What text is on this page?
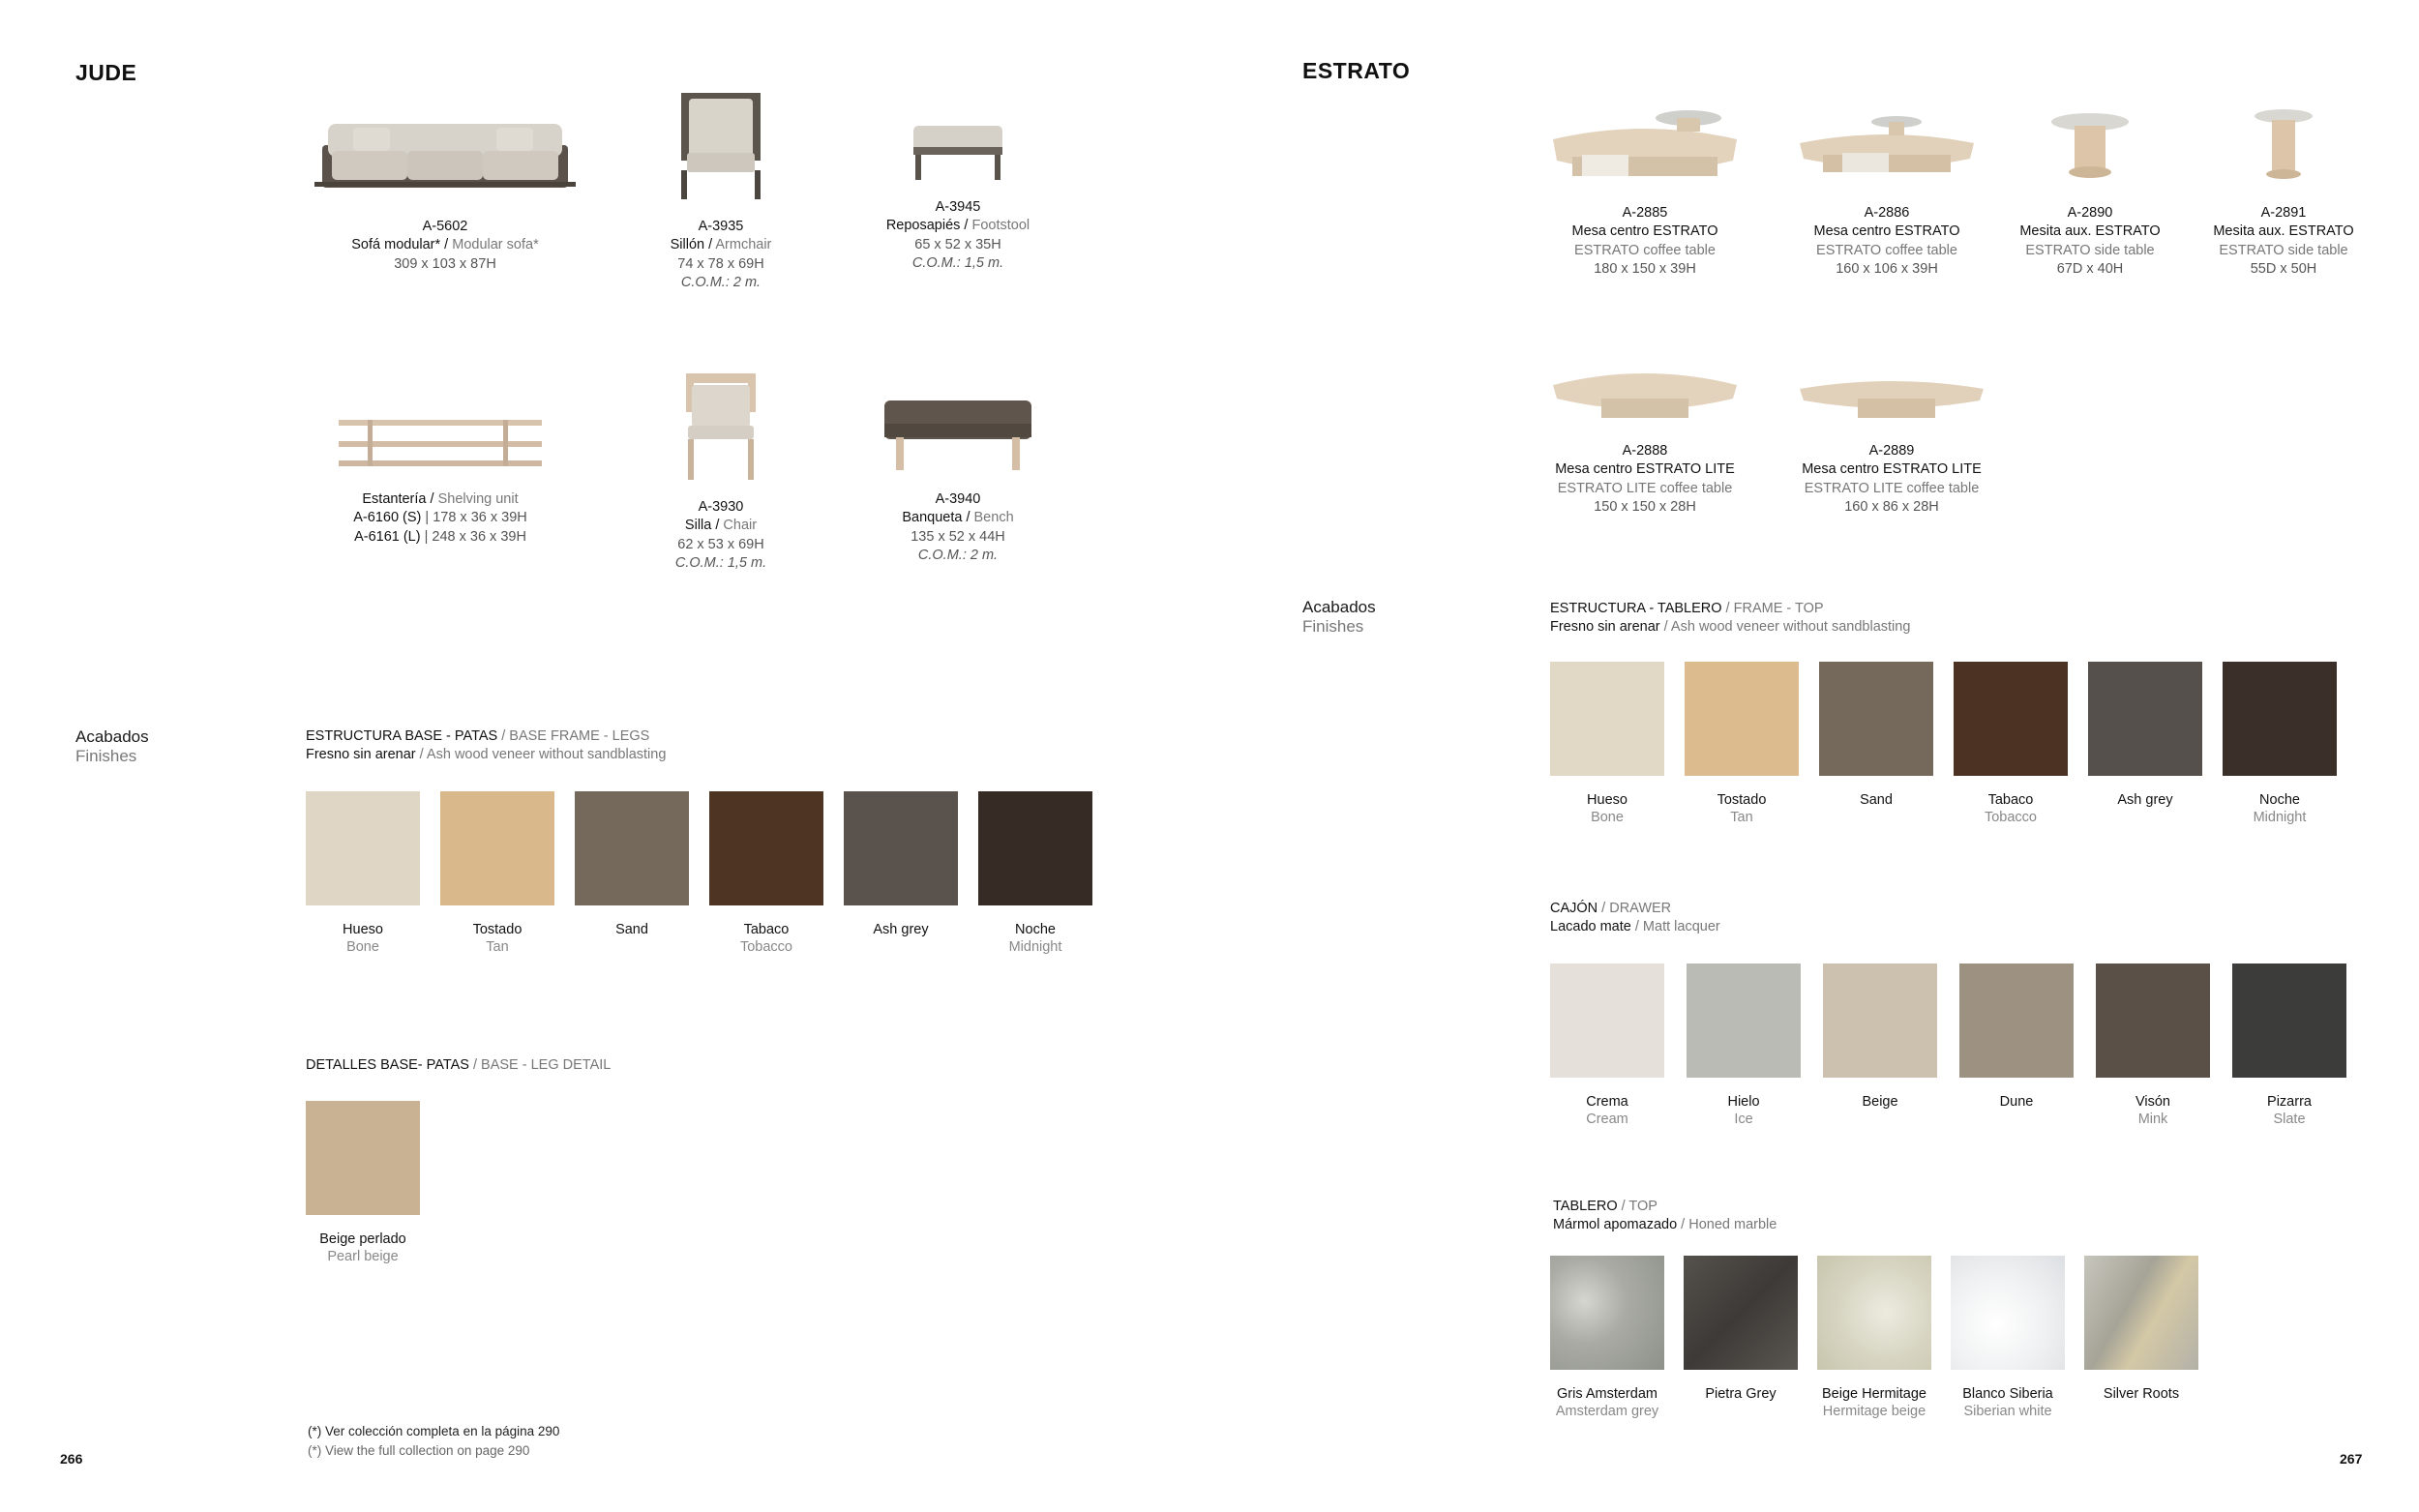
JUDE
A-5602
Sofá modular* / Modular sofa*
309 x 103 x 87H
A-3935
Sillón / Armchair
74 x 78 x 69H
C.O.M.: 2 m.
A-3945
Reposapiés / Footstool
65 x 52 x 35H
C.O.M.: 1,5 m.
Estantería / Shelving unit
A-6160 (S) | 178 x 36 x 39H
A-6161 (L) | 248 x 36 x 39H
A-3930
Silla / Chair
62 x 53 x 69H
C.O.M.: 1,5 m.
A-3940
Banqueta / Bench
135 x 52 x 44H
C.O.M.: 2 m.
Acabados
Finishes
ESTRUCTURA BASE - PATAS / BASE FRAME - LEGS
Fresno sin arenar / Ash wood veneer without sandblasting
Hueso
Bone
Tostado
Tan
Sand	Tabaco
Tobacco
Ash grey	Noche
Midnight
DETALLES BASE- PATAS / BASE - LEG DETAIL
Beige perlado
Pearl beige
(*) Ver colección completa en la página 290
(*) View the full collection on page 290
266
ESTRATO
A-2885
Mesa centro ESTRATO
ESTRATO coffee table
180 x 150 x 39H
A-2886
Mesa centro ESTRATO
ESTRATO coffee table
160 x 106 x 39H
A-2890
Mesita aux. ESTRATO
ESTRATO side table
67D x 40H
A-2891
Mesita aux. ESTRATO
ESTRATO side table
55D x 50H
A-2888
Mesa centro ESTRATO LITE
ESTRATO LITE coffee table
150 x 150 x 28H
A-2889
Mesa centro ESTRATO LITE
ESTRATO LITE coffee table
160 x 86 x 28H
Acabados
Finishes
ESTRUCTURA - TABLERO / FRAME - TOP
Fresno sin arenar / Ash wood veneer without sandblasting
Hueso
Bone
Tostado
Tan
Sand	Tabaco
Tobacco
Ash grey	Noche
Midnight
CAJÓN / DRAWER
Lacado mate / Matt lacquer
Crema
Cream
Hielo
Ice
Beige	Dune	Visón
Mink
Pizarra
Slate
TABLERO / TOP
Mármol apomazado / Honed marble
Gris Amsterdam
Amsterdam grey
Pietra Grey	Beige Hermitage
Hermitage beige
Blanco Siberia
Siberian white
Silver Roots
267
